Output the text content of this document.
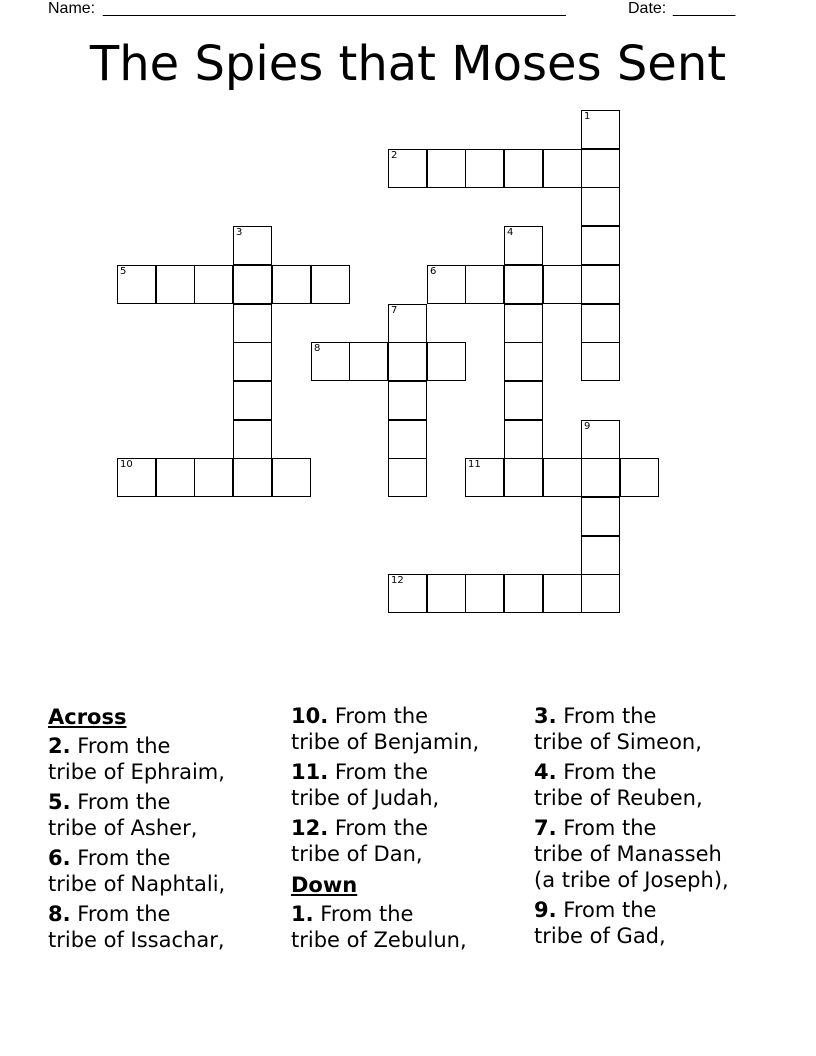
Name: ____________________________________________________	Date: _______
The Spies that Moses Sent
1
2
3	4
5	6
7
8
9
10	11
12
Across
2. From the
tribe of Ephraim,
5. From the
tribe of Asher,
6. From the
tribe of Naphtali,
8. From the
tribe of Issachar,
10. From the
tribe of Benjamin,
11. From the
tribe of Judah,
12. From the
tribe of Dan,
Down
1. From the
tribe of Zebulun,
3. From the
tribe of Simeon,
4. From the
tribe of Reuben,
7. From the
tribe of Manasseh
(a tribe of Joseph),
9. From the
tribe of Gad,
